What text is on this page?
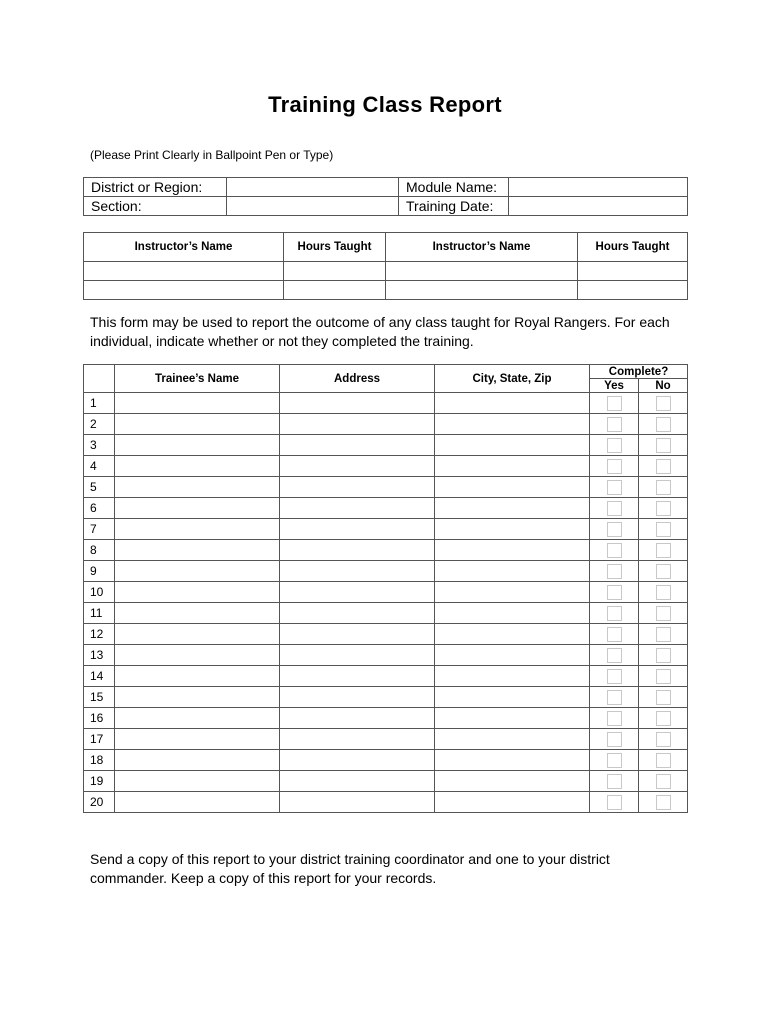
Training Class Report
(Please Print Clearly in Ballpoint Pen or Type)
District or Region:		Module Name:	
Section:		Training Date:	
Instructor’s Name	Hours Taught	Instructor’s Name	Hours Taught

This form may be used to report the outcome of any class taught for Royal Rangers. For each individual, indicate whether or not they completed the training.
	Trainee’s Name	Address	City, State, Zip	Complete?	
				Yes	No
1					
2					
3					
4					
5					
6					
7					
8					
9					
10					
11					
12					
13					
14					
15					
16					
17					
18					
19					
20					
Send a copy of this report to your district training coordinator and one to your district commander. Keep a copy of this report for your records.
